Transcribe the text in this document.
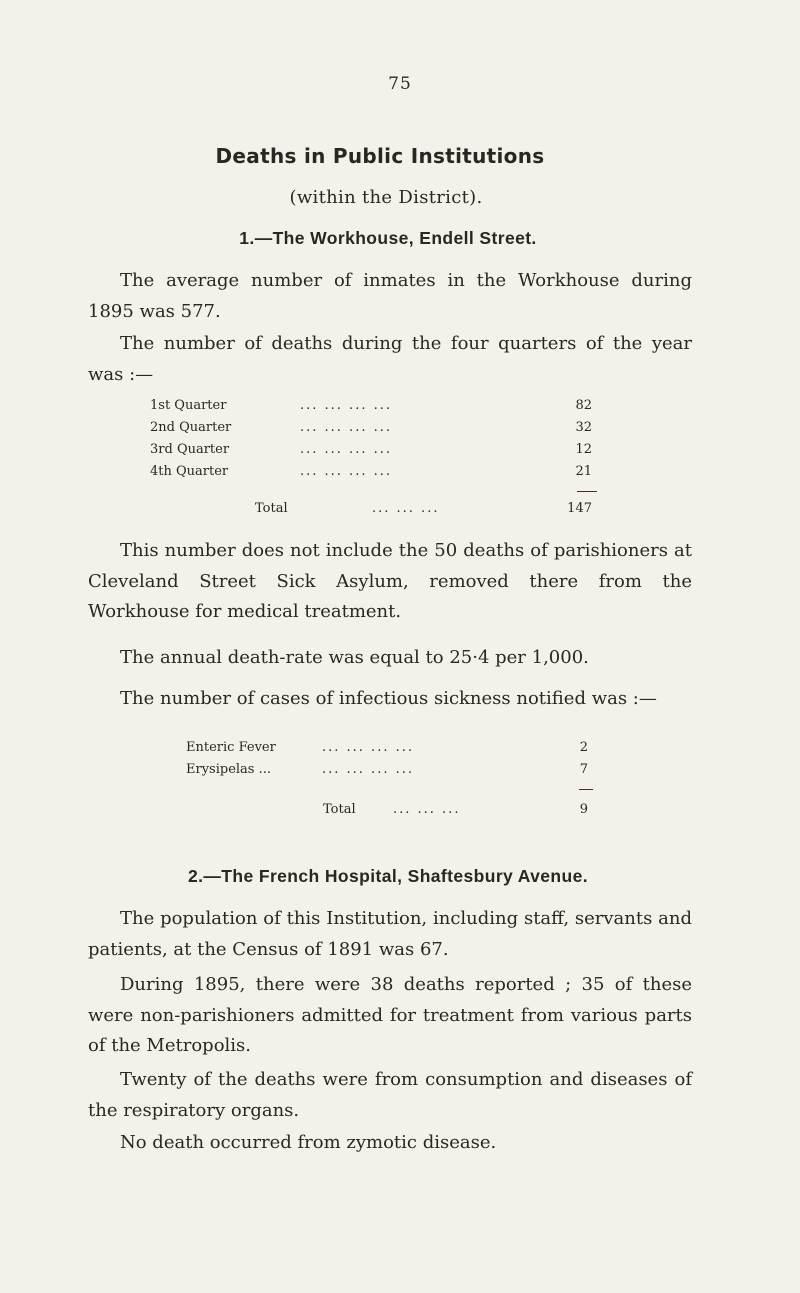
75
Deaths in Public Institutions
(within the District).
1.—The Workhouse, Endell Street.

The average number of inmates in the Workhouse during 1895 was 577.

The number of deaths during the four quarters of the year was :—

1st Quarter	... ... ... ...	82
2nd Quarter	... ... ... ...	32
3rd Quarter	... ... ... ...	12
4th Quarter	... ... ... ...	21
Total	... ... ...	147

This number does not include the 50 deaths of parishioners at Cleveland Street Sick Asylum, removed there from the Workhouse for medical treatment.

The annual death-rate was equal to 25·4 per 1,000.

The number of cases of infectious sickness notified was :—

Enteric Fever	... ... ... ...	2
Erysipelas ...	... ... ... ...	7
Total	... ... ...	9
2.—The French Hospital, Shaftesbury Avenue.

The population of this Institution, including staff, servants and patients, at the Census of 1891 was 67.

During 1895, there were 38 deaths reported ; 35 of these were non-parishioners admitted for treatment from various parts of the Metropolis.

Twenty of the deaths were from consumption and diseases of the respiratory organs.

No death occurred from zymotic disease.
